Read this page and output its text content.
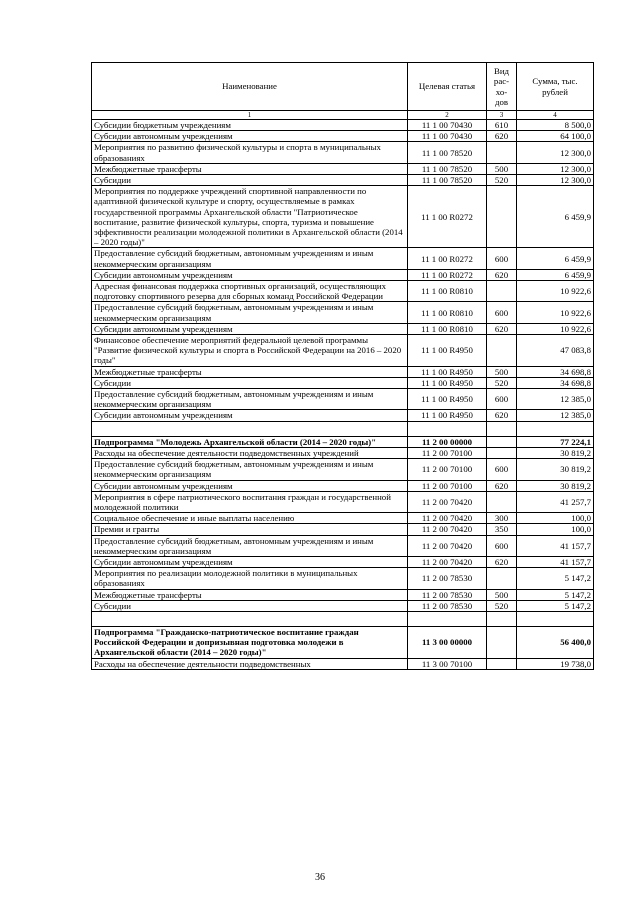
Наименование	Целевая статья	Вид рас- хо- дов	Сумма, тыс. рублей
1	2	3	4
Субсидии бюджетным учреждениям	11 1 00 70430	610	8 500,0
Субсидии автономным учреждениям	11 1 00 70430	620	64 100,0
Мероприятия по развитию физической культуры и спорта в муниципальных образованиях	11 1 00 78520		12 300,0
Межбюджетные трансферты	11 1 00 78520	500	12 300,0
Субсидии	11 1 00 78520	520	12 300,0
Мероприятия по поддержке учреждений спортивной направленности по адаптивной физической культуре и спорту, осуществляемые в рамках государственной программы Архангельской области "Патриотическое воспитание, развитие физической культуры, спорта, туризма и повышение эффективности реализации молодежной политики в Архангельской области (2014 – 2020 годы)"	11 1 00 R0272		6 459,9
Предоставление субсидий бюджетным, автономным учреждениям и иным некоммерческим организациям	11 1 00 R0272	600	6 459,9
Субсидии автономным учреждениям	11 1 00 R0272	620	6 459,9
Адресная финансовая поддержка спортивных организаций, осуществляющих подготовку спортивного резерва для сборных команд Российской Федерации	11 1 00 R0810		10 922,6
Предоставление субсидий бюджетным, автономным учреждениям и иным некоммерческим организациям	11 1 00 R0810	600	10 922,6
Субсидии автономным учреждениям	11 1 00 R0810	620	10 922,6
Финансовое обеспечение мероприятий федеральной целевой программы "Развитие физической культуры и спорта в Российской Федерации на 2016 – 2020 годы"	11 1 00 R4950		47 083,8
Межбюджетные трансферты	11 1 00 R4950	500	34 698,8
Субсидии	11 1 00 R4950	520	34 698,8
Предоставление субсидий бюджетным, автономным учреждениям и иным некоммерческим организациям	11 1 00 R4950	600	12 385,0
Субсидии автономным учреждениям	11 1 00 R4950	620	12 385,0

Подпрограмма "Молодежь Архангельской области (2014 – 2020 годы)"	11 2 00 00000		77 224,1
Расходы на обеспечение деятельности подведомственных учреждений	11 2 00 70100		30 819,2
Предоставление субсидий бюджетным, автономным учреждениям и иным некоммерческим организациям	11 2 00 70100	600	30 819,2
Субсидии автономным учреждениям	11 2 00 70100	620	30 819,2
Мероприятия в сфере патриотического воспитания граждан и государственной молодежной политики	11 2 00 70420		41 257,7
Социальное обеспечение и иные выплаты населению	11 2 00 70420	300	100,0
Премии и гранты	11 2 00 70420	350	100,0
Предоставление субсидий бюджетным, автономным учреждениям и иным некоммерческим организациям	11 2 00 70420	600	41 157,7
Субсидии автономным учреждениям	11 2 00 70420	620	41 157,7
Мероприятия по реализации молодежной политики в муниципальных образованиях	11 2 00 78530		5 147,2
Межбюджетные трансферты	11 2 00 78530	500	5 147,2
Субсидии	11 2 00 78530	520	5 147,2

Подпрограмма "Гражданско-патриотическое воспитание граждан Российской Федерации и допризывная подготовка молодежи в Архангельской области (2014 – 2020 годы)"	11 3 00 00000		56 400,0
Расходы на обеспечение деятельности подведомственных	11 3 00 70100		19 738,0
36
